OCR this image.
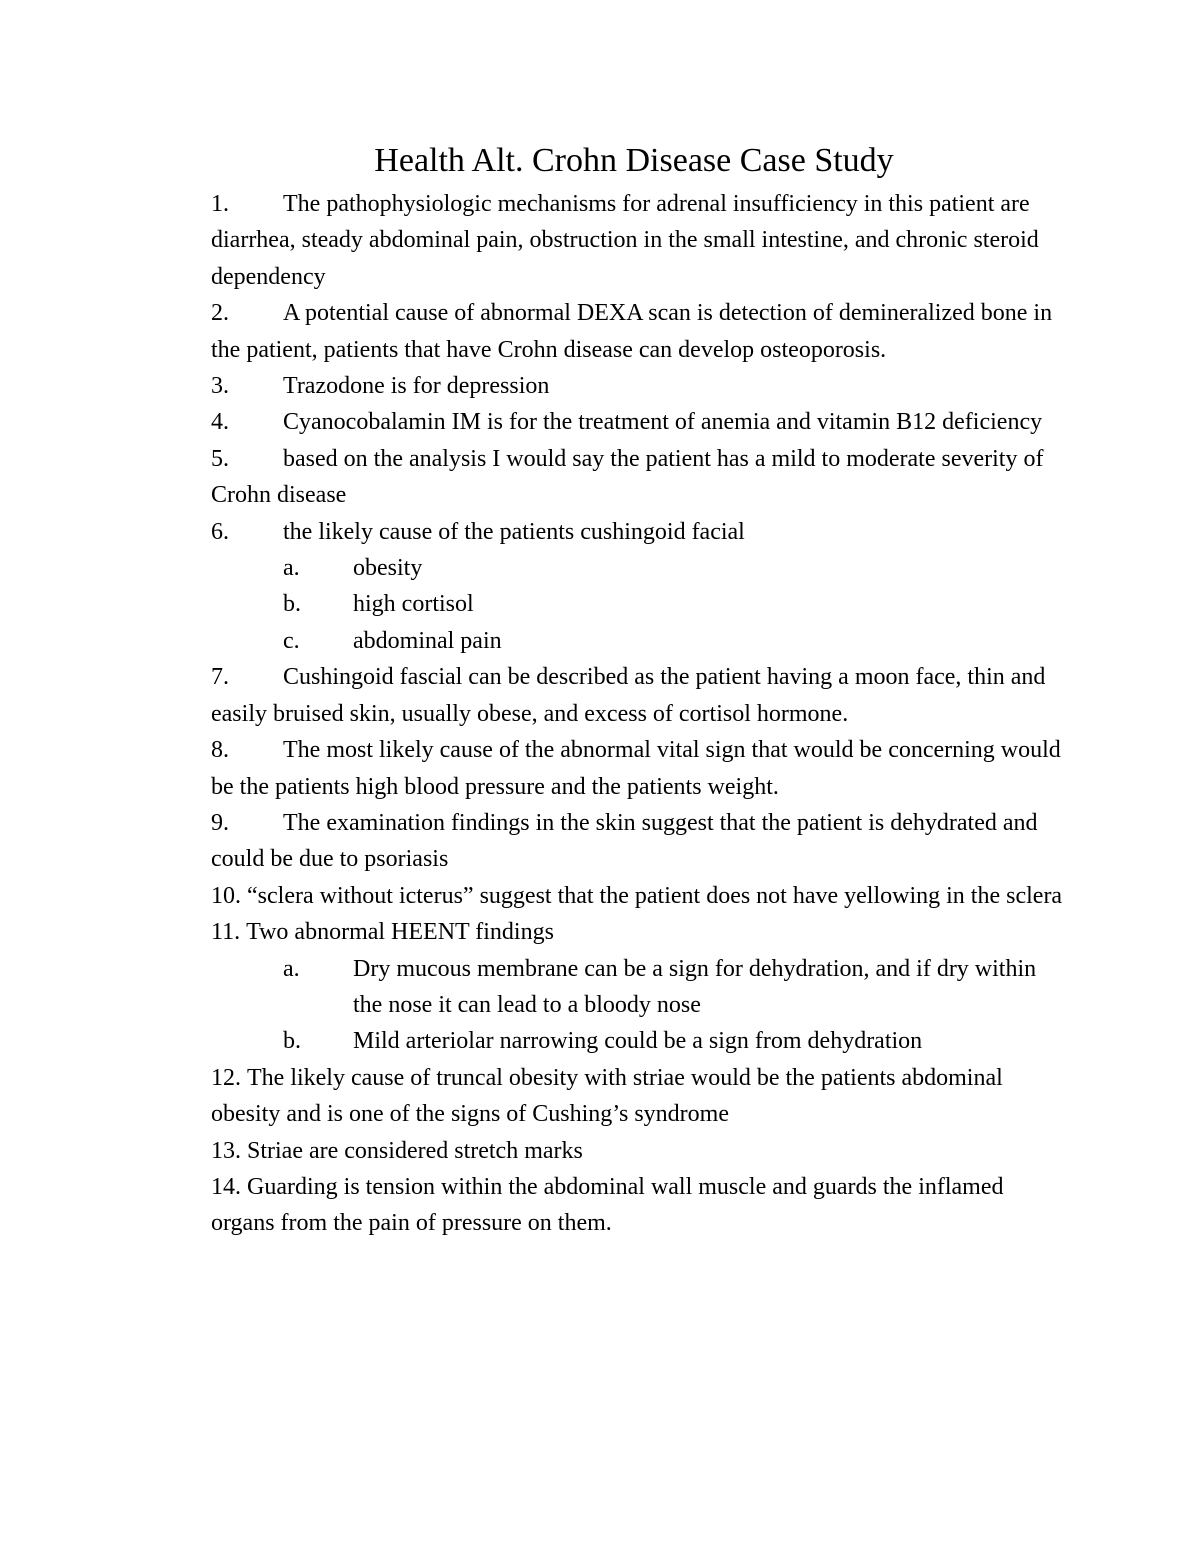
Health Alt. Crohn Disease Case Study

1. The pathophysiologic mechanisms for adrenal insufficiency in this patient are diarrhea, steady abdominal pain, obstruction in the small intestine, and chronic steroid dependency

2. A potential cause of abnormal DEXA scan is detection of demineralized bone in the patient, patients that have Crohn disease can develop osteoporosis.

3. Trazodone is for depression

4. Cyanocobalamin IM is for the treatment of anemia and vitamin B12 deficiency

5. based on the analysis I would say the patient has a mild to moderate severity of Crohn disease

6. the likely cause of the patients cushingoid facial

a. obesity

b. high cortisol

c. abdominal pain

7. Cushingoid fascial can be described as the patient having a moon face, thin and easily bruised skin, usually obese, and excess of cortisol hormone.

8. The most likely cause of the abnormal vital sign that would be concerning would be the patients high blood pressure and the patients weight.

9. The examination findings in the skin suggest that the patient is dehydrated and could be due to psoriasis

10. “sclera without icterus” suggest that the patient does not have yellowing in the sclera

11. Two abnormal HEENT findings

a. Dry mucous membrane can be a sign for dehydration, and if dry within the nose it can lead to a bloody nose

b. Mild arteriolar narrowing could be a sign from dehydration

12. The likely cause of truncal obesity with striae would be the patients abdominal obesity and is one of the signs of Cushing’s syndrome

13. Striae are considered stretch marks

14. Guarding is tension within the abdominal wall muscle and guards the inflamed organs from the pain of pressure on them.
